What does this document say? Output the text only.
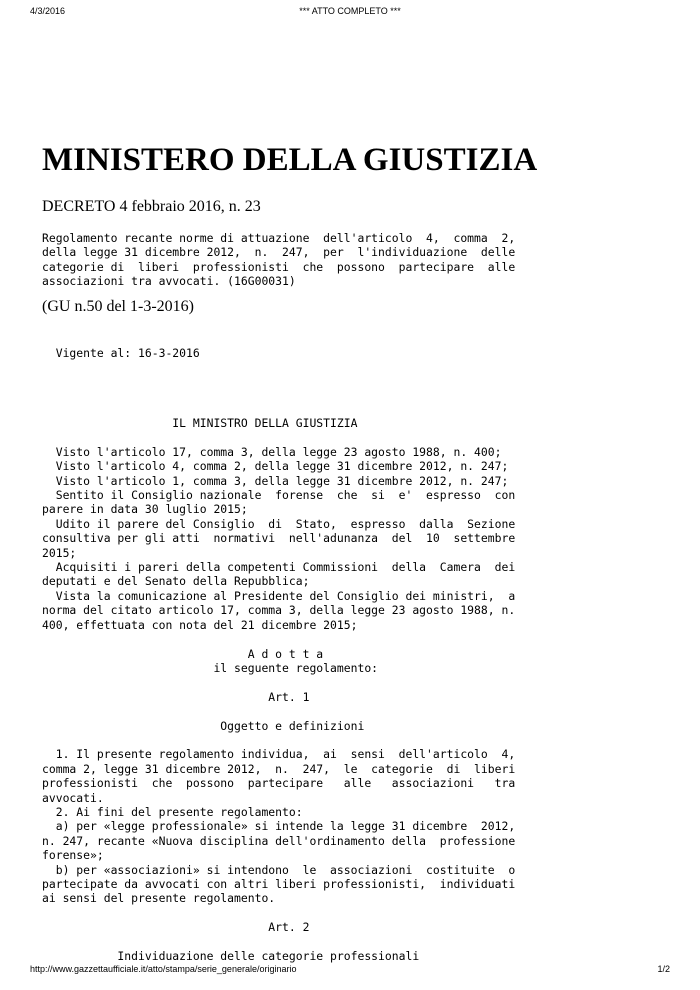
4/3/2016	*** ATTO COMPLETO ***
MINISTERO DELLA GIUSTIZIA
DECRETO 4 febbraio 2016, n. 23
Regolamento recante norme di attuazione  dell'articolo  4,  comma  2,
della legge 31 dicembre 2012,  n.  247,  per  l'individuazione  delle
categorie di  liberi  professionisti  che  possono  partecipare  alle
associazioni tra avvocati. (16G00031)
(GU n.50 del 1-3-2016)
Vigente al: 16-3-2016
IL MINISTRO DELLA GIUSTIZIA

Visto l'articolo 17, comma 3, della legge 23 agosto 1988, n. 400;
Visto l'articolo 4, comma 2, della legge 31 dicembre 2012, n. 247;
Visto l'articolo 1, comma 3, della legge 31 dicembre 2012, n. 247;
Sentito il Consiglio nazionale  forense  che  si  e'  espresso  con
parere in data 30 luglio 2015;
Udito il parere del Consiglio  di  Stato,  espresso  dalla  Sezione
consultiva per gli atti  normativi  nell'adunanza  del  10  settembre
2015;
Acquisiti i pareri della competenti Commissioni  della  Camera  dei
deputati e del Senato della Repubblica;
Vista la comunicazione al Presidente del Consiglio dei ministri,  a
norma del citato articolo 17, comma 3, della legge 23 agosto 1988, n.
400, effettuata con nota del 21 dicembre 2015;

A d o t t a
il seguente regolamento:

Art. 1

Oggetto e definizioni

1. Il presente regolamento individua,  ai  sensi  dell'articolo  4,
comma 2, legge 31 dicembre 2012,  n.  247,  le  categorie  di  liberi
professionisti  che  possono  partecipare   alle   associazioni   tra
avvocati.
2. Ai fini del presente regolamento:
a) per «legge professionale» si intende la legge 31 dicembre  2012,
n. 247, recante «Nuova disciplina dell'ordinamento della  professione
forense»;
b) per «associazioni» si intendono  le  associazioni  costituite  o
partecipate da avvocati con altri liberi professionisti,  individuati
ai sensi del presente regolamento.

Art. 2

Individuazione delle categorie professionali
http://www.gazzettaufficiale.it/atto/stampa/serie_generale/originario	1/2
